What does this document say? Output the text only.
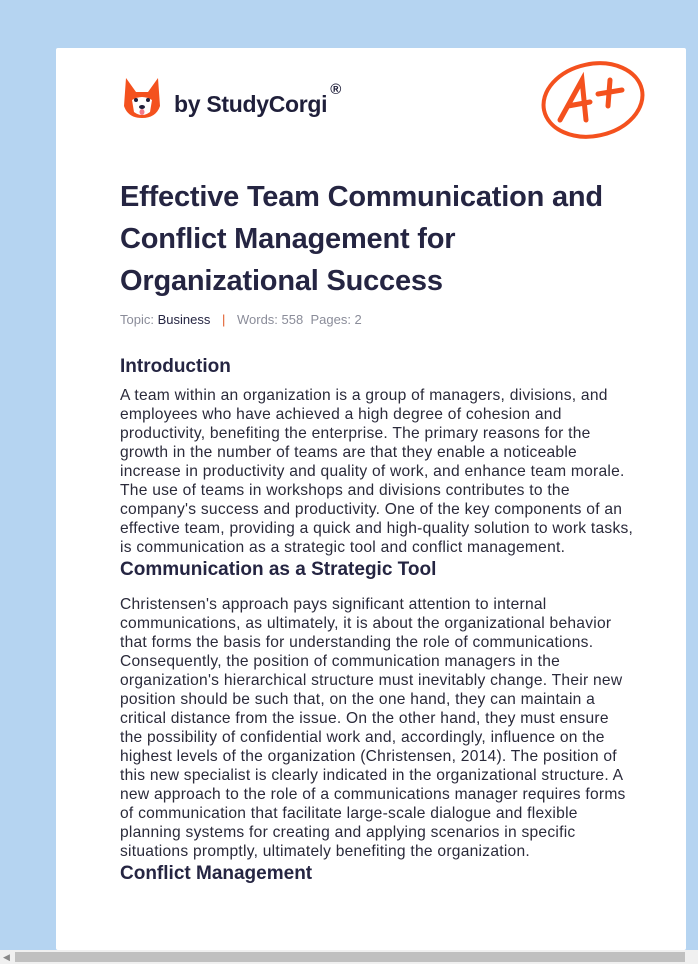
by StudyCorgi®
Effective Team Communication and Conflict Management for Organizational Success
Topic: Business | Words: 558 Pages: 2
Introduction

A team within an organization is a group of managers, divisions, and employees who have achieved a high degree of cohesion and productivity, benefiting the enterprise. The primary reasons for the growth in the number of teams are that they enable a noticeable increase in productivity and quality of work, and enhance team morale. The use of teams in workshops and divisions contributes to the company's success and productivity. One of the key components of an effective team, providing a quick and high-quality solution to work tasks, is communication as a strategic tool and conflict management.

Communication as a Strategic Tool

Christensen's approach pays significant attention to internal communications, as ultimately, it is about the organizational behavior that forms the basis for understanding the role of communications. Consequently, the position of communication managers in the organization's hierarchical structure must inevitably change. Their new position should be such that, on the one hand, they can maintain a critical distance from the issue. On the other hand, they must ensure the possibility of confidential work and, accordingly, influence on the highest levels of the organization (Christensen, 2014). The position of this new specialist is clearly indicated in the organizational structure. A new approach to the role of a communications manager requires forms of communication that facilitate large-scale dialogue and flexible planning systems for creating and applying scenarios in specific situations promptly, ultimately benefiting the organization.

Conflict Management
◀
